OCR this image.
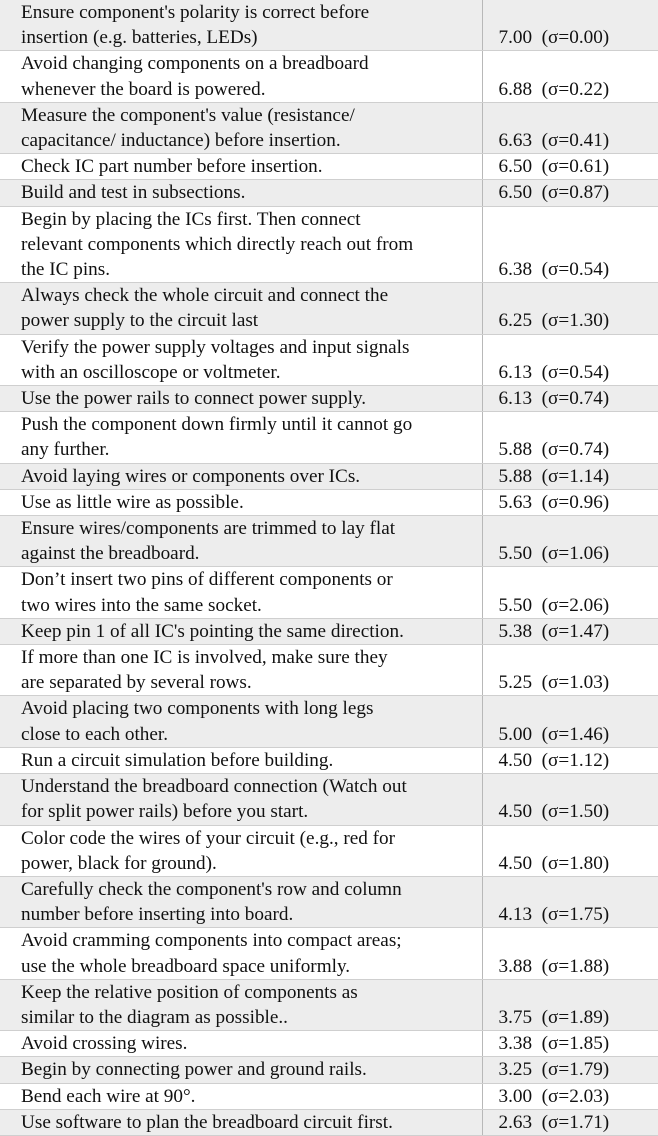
Ensure component's polarity is correct before
insertion (e.g. batteries, LEDs)	7.00  (σ=0.00)

Avoid changing components on a breadboard
whenever the board is powered.	6.88  (σ=0.22)

Measure the component's value (resistance/
capacitance/ inductance) before insertion.	6.63  (σ=0.41)

Check IC part number before insertion.	6.50  (σ=0.61)

Build and test in subsections.	6.50  (σ=0.87)

Begin by placing the ICs first. Then connect
relevant components which directly reach out from
the IC pins.	6.38  (σ=0.54)

Always check the whole circuit and connect the
power supply to the circuit last	6.25  (σ=1.30)

Verify the power supply voltages and input signals
with an oscilloscope or voltmeter.	6.13  (σ=0.54)

Use the power rails to connect power supply.	6.13  (σ=0.74)

Push the component down firmly until it cannot go
any further.	5.88  (σ=0.74)

Avoid laying wires or components over ICs.	5.88  (σ=1.14)

Use as little wire as possible.	5.63  (σ=0.96)

Ensure wires/components are trimmed to lay flat
against the breadboard.	5.50  (σ=1.06)

Don’t insert two pins of different components or
two wires into the same socket.	5.50  (σ=2.06)

Keep pin 1 of all IC's pointing the same direction.	5.38  (σ=1.47)

If more than one IC is involved, make sure they
are separated by several rows.	5.25  (σ=1.03)

Avoid placing two components with long legs
close to each other.	5.00  (σ=1.46)

Run a circuit simulation before building.	4.50  (σ=1.12)

Understand the breadboard connection (Watch out
for split power rails) before you start.	4.50  (σ=1.50)

Color code the wires of your circuit (e.g., red for
power, black for ground).	4.50  (σ=1.80)

Carefully check the component's row and column
number before inserting into board.	4.13  (σ=1.75)

Avoid cramming components into compact areas;
use the whole breadboard space uniformly.	3.88  (σ=1.88)

Keep the relative position of components as
similar to the diagram as possible..	3.75  (σ=1.89)

Avoid crossing wires.	3.38  (σ=1.85)

Begin by connecting power and ground rails.	3.25  (σ=1.79)

Bend each wire at 90°.	3.00  (σ=2.03)

Use software to plan the breadboard circuit first.	2.63  (σ=1.71)
